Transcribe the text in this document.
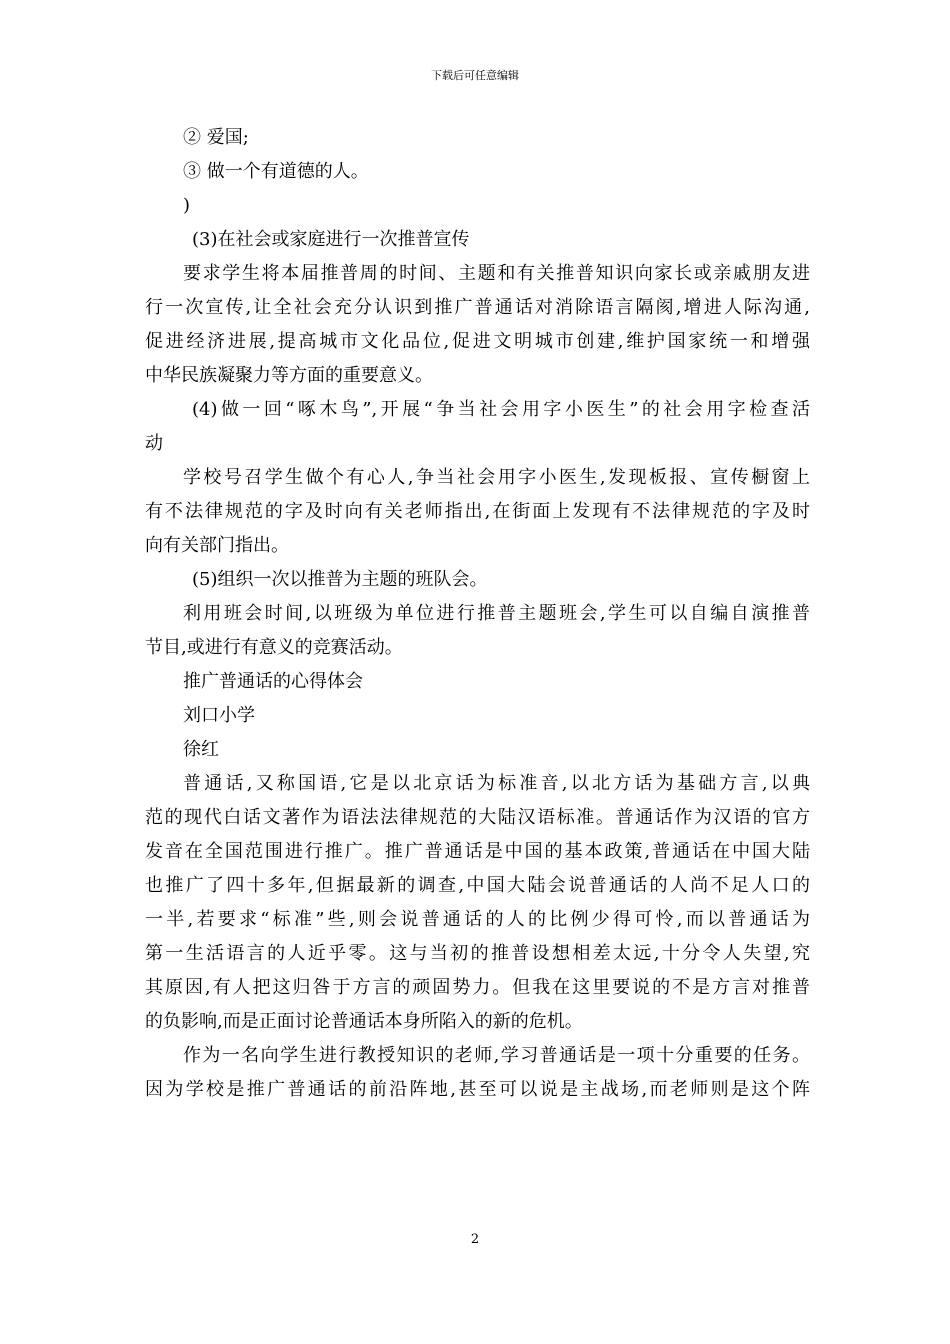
下载后可任意编辑
② 爱国;
③ 做一个有道德的人。
)
(3)在社会或家庭进行一次推普宣传
要求学生将本届推普周的时间、主题和有关推普知识向家长或亲戚朋友进
行一次宣传,让全社会充分认识到推广普通话对消除语言隔阂,增进人际沟通,
促进经济进展,提高城市文化品位,促进文明城市创建,维护国家统一和增强
中华民族凝聚力等方面的重要意义。
(4)做一回“啄木鸟”,开展“争当社会用字小医生”的社会用字检查活
动
学校号召学生做个有心人,争当社会用字小医生,发现板报、宣传橱窗上
有不法律规范的字及时向有关老师指出,在街面上发现有不法律规范的字及时
向有关部门指出。
(5)组织一次以推普为主题的班队会。
利用班会时间,以班级为单位进行推普主题班会,学生可以自编自演推普
节目,或进行有意义的竞赛活动。
推广普通话的心得体会
刘口小学
徐红
普通话,又称国语,它是以北京话为标准音,以北方话为基础方言,以典
范的现代白话文著作为语法法律规范的大陆汉语标准。普通话作为汉语的官方
发音在全国范围进行推广。推广普通话是中国的基本政策,普通话在中国大陆
也推广了四十多年,但据最新的调查,中国大陆会说普通话的人尚不足人口的
一半,若要求“标准”些,则会说普通话的人的比例少得可怜,而以普通话为
第一生活语言的人近乎零。这与当初的推普设想相差太远,十分令人失望,究
其原因,有人把这归咎于方言的顽固势力。但我在这里要说的不是方言对推普
的负影响,而是正面讨论普通话本身所陷入的新的危机。
作为一名向学生进行教授知识的老师,学习普通话是一项十分重要的任务。
因为学校是推广普通话的前沿阵地,甚至可以说是主战场,而老师则是这个阵
2
